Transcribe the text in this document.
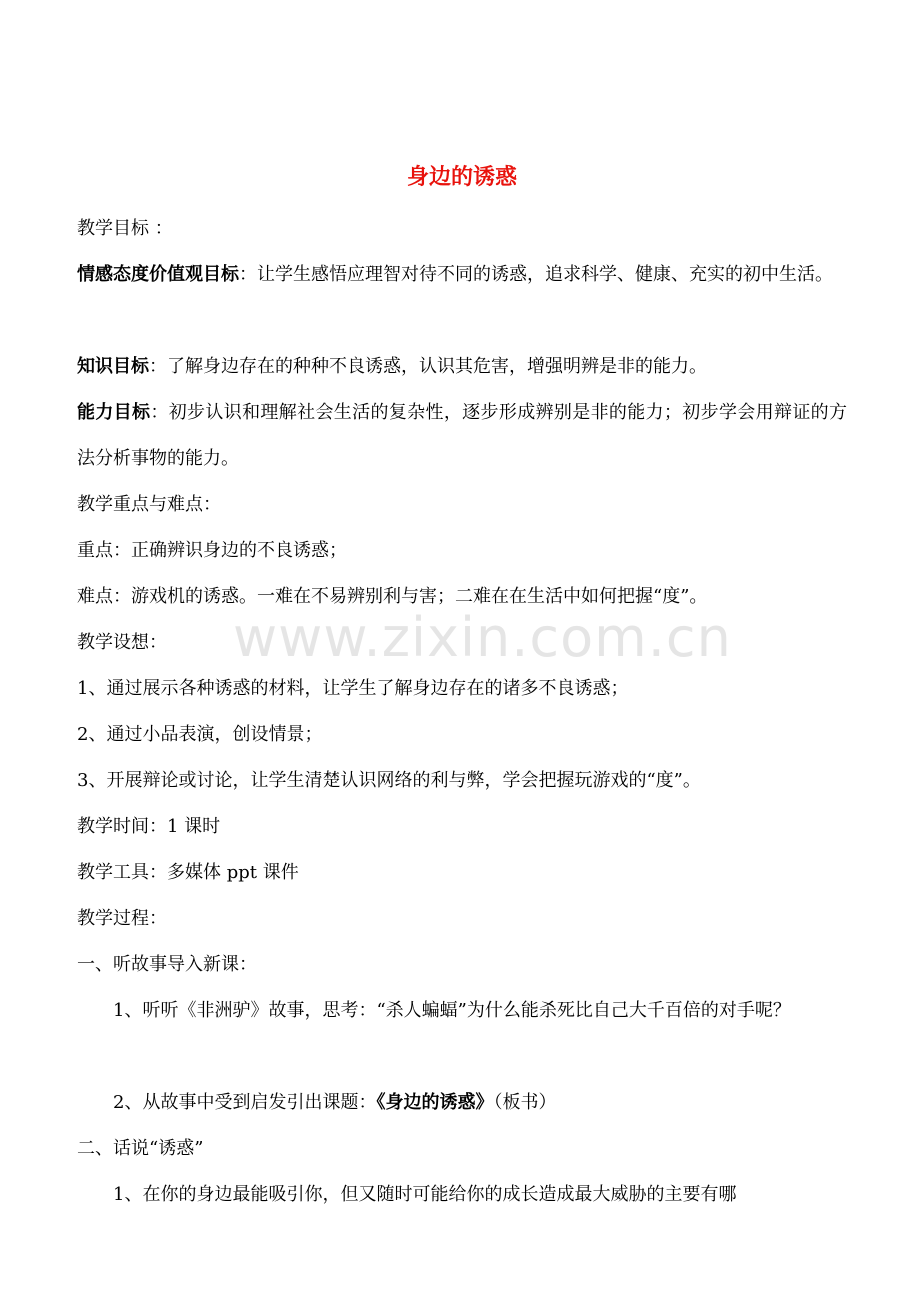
身边的诱惑
教学目标 ：
情感态度价值观目标：让学生感悟应理智对待不同的诱惑，追求科学、健康、充实的初中生活。
知识目标：了解身边存在的种种不良诱惑，认识其危害，增强明辨是非的能力。
能力目标：初步认识和理解社会生活的复杂性，逐步形成辨别是非的能力；初步学会用辩证的方法分析事物的能力。
教学重点与难点：
重点：正确辨识身边的不良诱惑；
难点：游戏机的诱惑。一难在不易辨别利与害；二难在在生活中如何把握“度”。
教学设想：
1、通过展示各种诱惑的材料，让学生了解身边存在的诸多不良诱惑；
2、通过小品表演，创设情景；
3、开展辩论或讨论，让学生清楚认识网络的利与弊，学会把握玩游戏的“度”。
教学时间：1 课时
教学工具：多媒体 ppt 课件
教学过程：
一、听故事导入新课：
1、听听《非洲驴》故事，思考：“杀人蝙蝠”为什么能杀死比自己大千百倍的对手呢？
2、从故事中受到启发引出课题：《身边的诱惑》（板书）
二、话说“诱惑”
1、在你的身边最能吸引你，但又随时可能给你的成长造成最大威胁的主要有哪
www.zixin.com.cn
